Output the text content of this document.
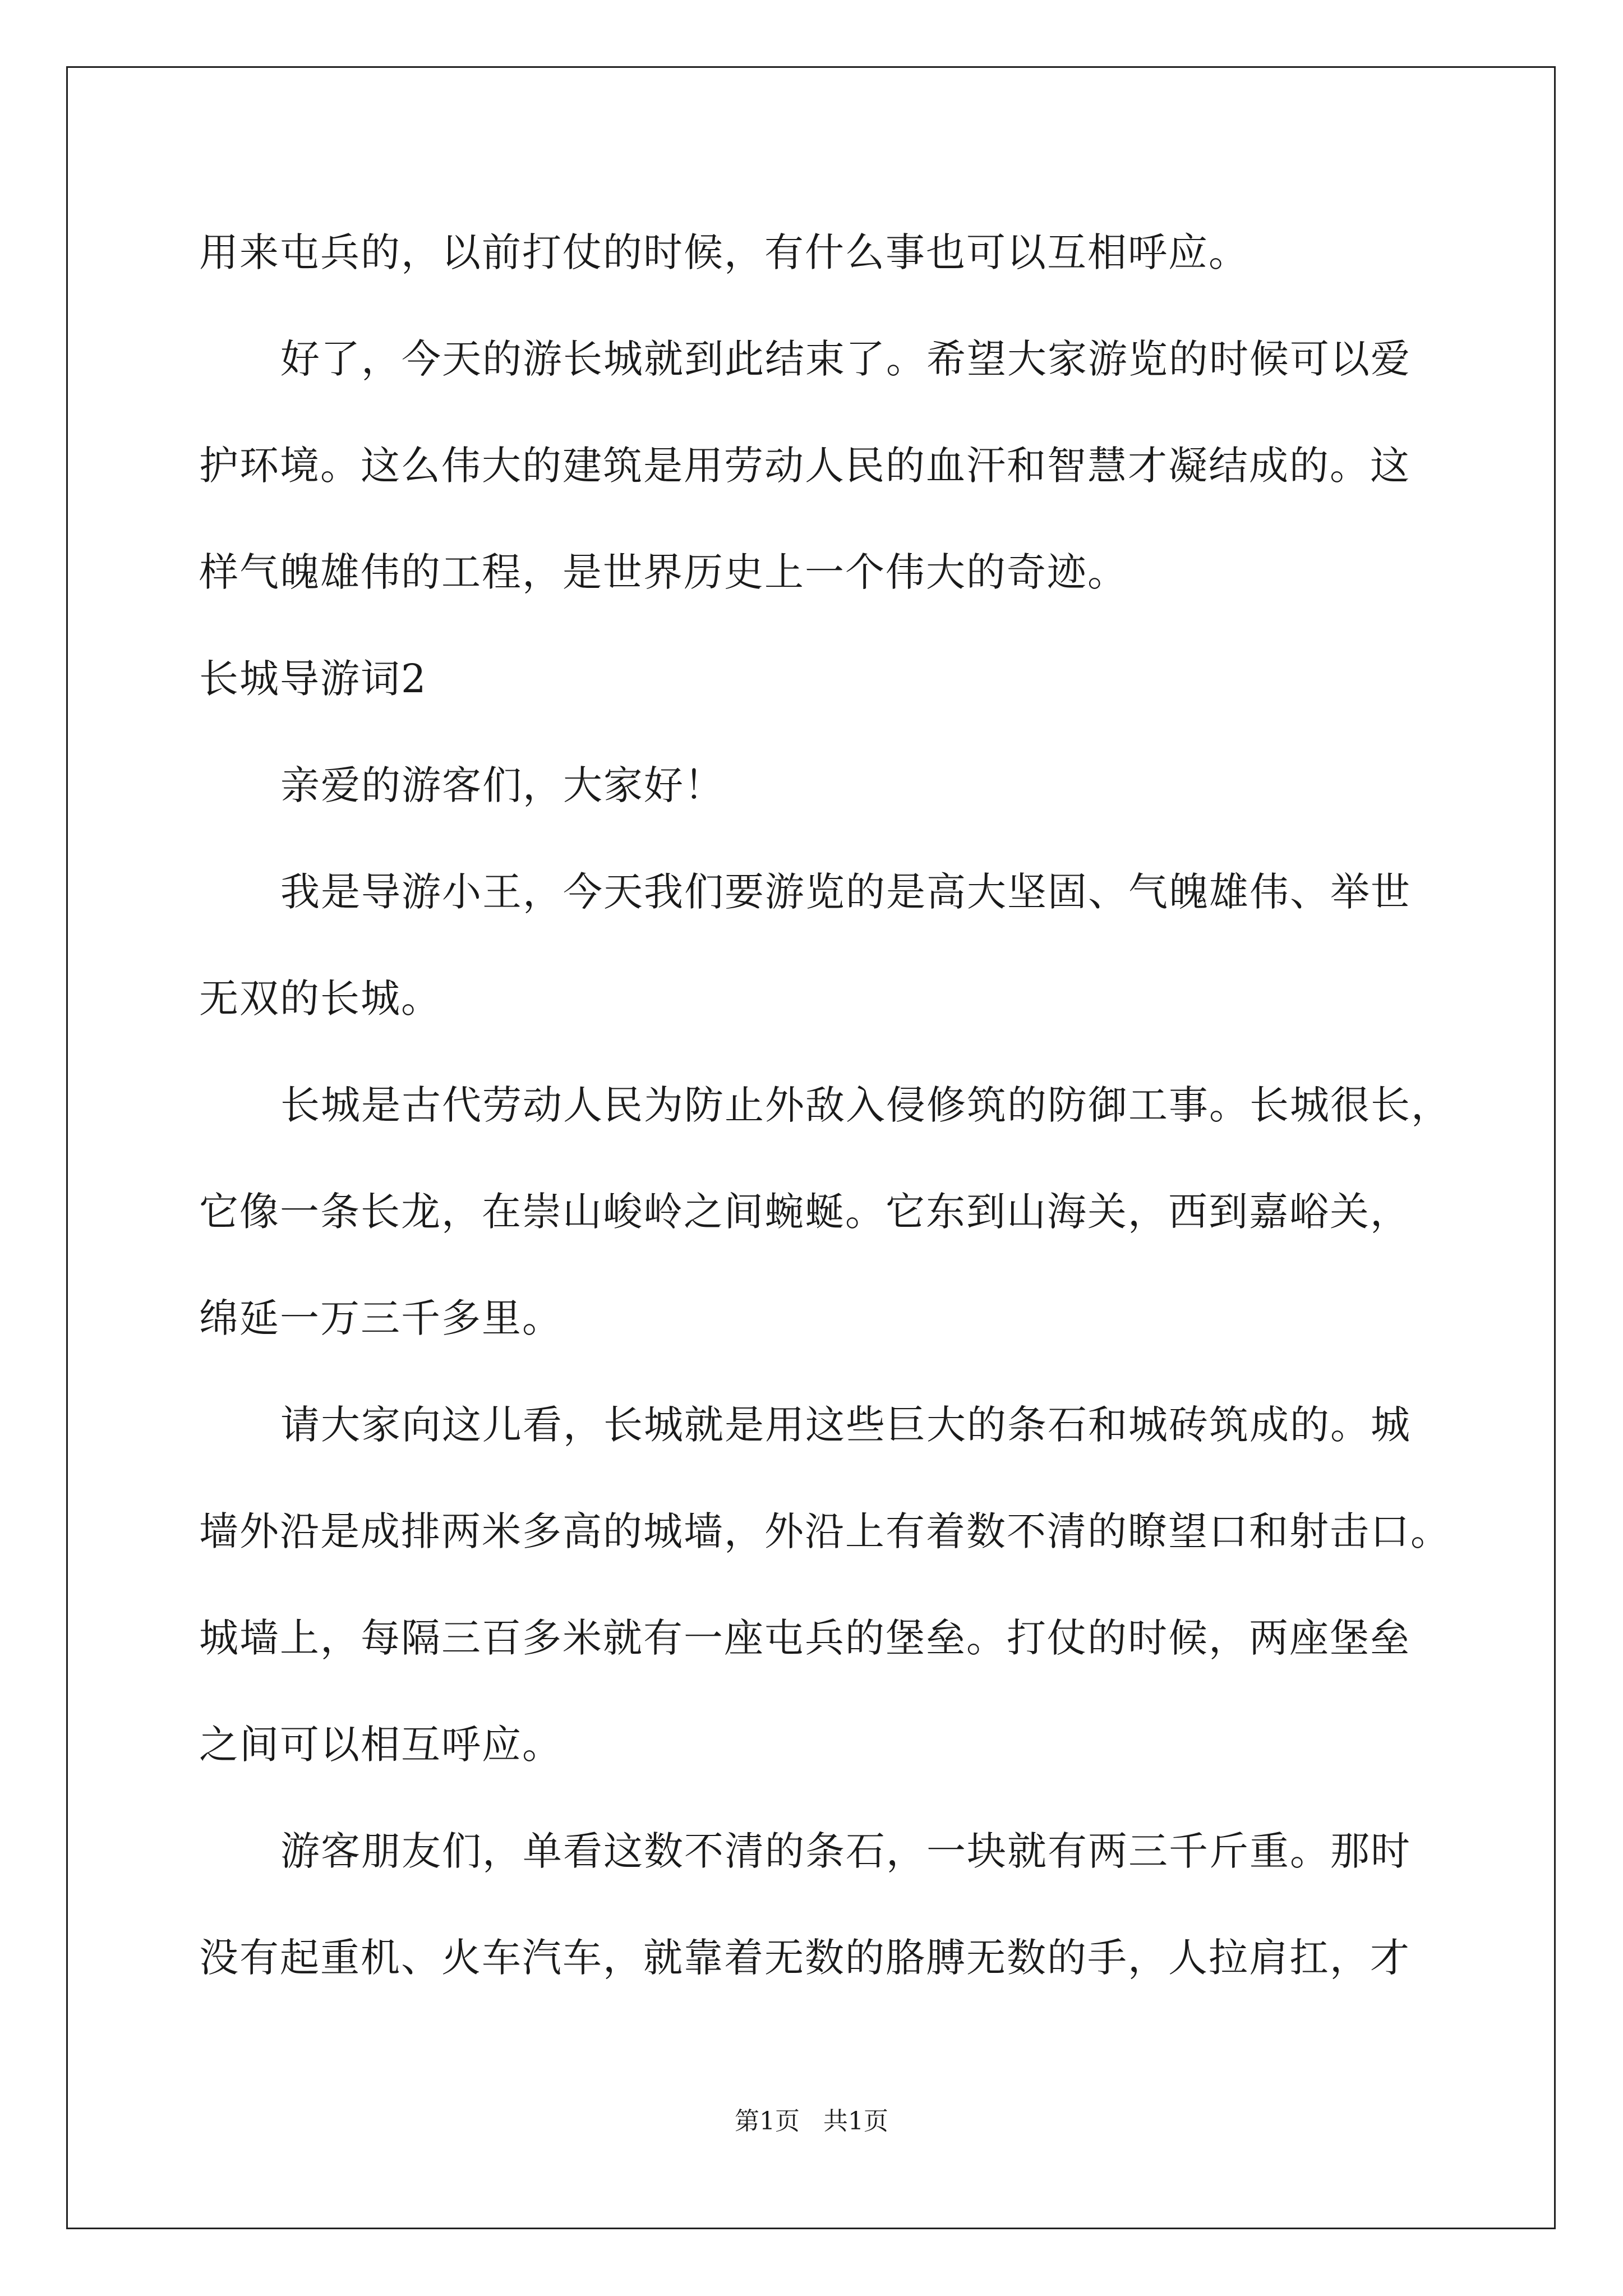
用来屯兵的，以前打仗的时候，有什么事也可以互相呼应。
好了，今天的游长城就到此结束了。希望大家游览的时候可以爱
护环境。这么伟大的建筑是用劳动人民的血汗和智慧才凝结成的。这
样气魄雄伟的工程，是世界历史上一个伟大的奇迹。
长城导游词2
亲爱的游客们，大家好！
我是导游小王，今天我们要游览的是高大坚固、气魄雄伟、举世
无双的长城。
长城是古代劳动人民为防止外敌入侵修筑的防御工事。长城很长，
它像一条长龙，在崇山峻岭之间蜿蜒。它东到山海关，西到嘉峪关，
绵延一万三千多里。
请大家向这儿看，长城就是用这些巨大的条石和城砖筑成的。城
墙外沿是成排两米多高的城墙，外沿上有着数不清的瞭望口和射击口。
城墙上，每隔三百多米就有一座屯兵的堡垒。打仗的时候，两座堡垒
之间可以相互呼应。
游客朋友们，单看这数不清的条石，一块就有两三千斤重。那时
没有起重机、火车汽车，就靠着无数的胳膊无数的手，人拉肩扛，才
第1页   共1页
